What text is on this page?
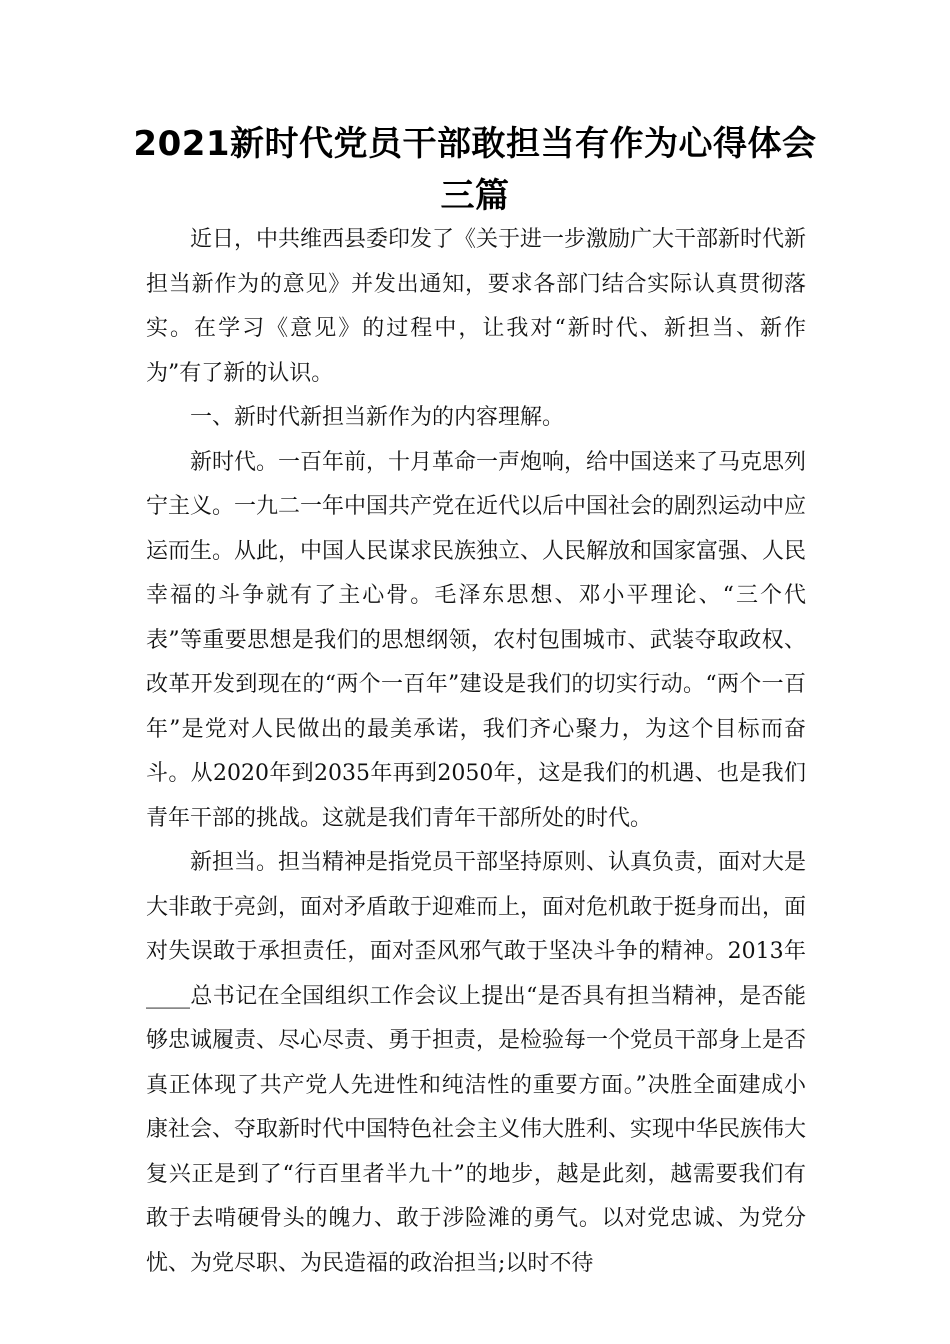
2021新时代党员干部敢担当有作为心得体会三篇

近日，中共维西县委印发了《关于进一步激励广大干部新时代新担当新作为的意见》并发出通知，要求各部门结合实际认真贯彻落实。在学习《意见》的过程中，让我对“新时代、新担当、新作为”有了新的认识。

一、新时代新担当新作为的内容理解。

新时代。一百年前，十月革命一声炮响，给中国送来了马克思列宁主义。一九二一年中国共产党在近代以后中国社会的剧烈运动中应运而生。从此，中国人民谋求民族独立、人民解放和国家富强、人民幸福的斗争就有了主心骨。毛泽东思想、邓小平理论、“三个代表”等重要思想是我们的思想纲领，农村包围城市、武装夺取政权、改革开发到现在的“两个一百年”建设是我们的切实行动。“两个一百年”是党对人民做出的最美承诺，我们齐心聚力，为这个目标而奋斗。从2020年到2035年再到2050年，这是我们的机遇、也是我们青年干部的挑战。这就是我们青年干部所处的时代。

新担当。担当精神是指党员干部坚持原则、认真负责，面对大是大非敢于亮剑，面对矛盾敢于迎难而上，面对危机敢于挺身而出，面对失误敢于承担责任，面对歪风邪气敢于坚决斗争的精神。2013年____总书记在全国组织工作会议上提出“是否具有担当精神，是否能够忠诚履责、尽心尽责、勇于担责，是检验每一个党员干部身上是否真正体现了共产党人先进性和纯洁性的重要方面。”决胜全面建成小康社会、夺取新时代中国特色社会主义伟大胜利、实现中华民族伟大复兴正是到了“行百里者半九十”的地步，越是此刻，越需要我们有敢于去啃硬骨头的魄力、敢于涉险滩的勇气。以对党忠诚、为党分忧、为党尽职、为民造福的政治担当;以时不待
